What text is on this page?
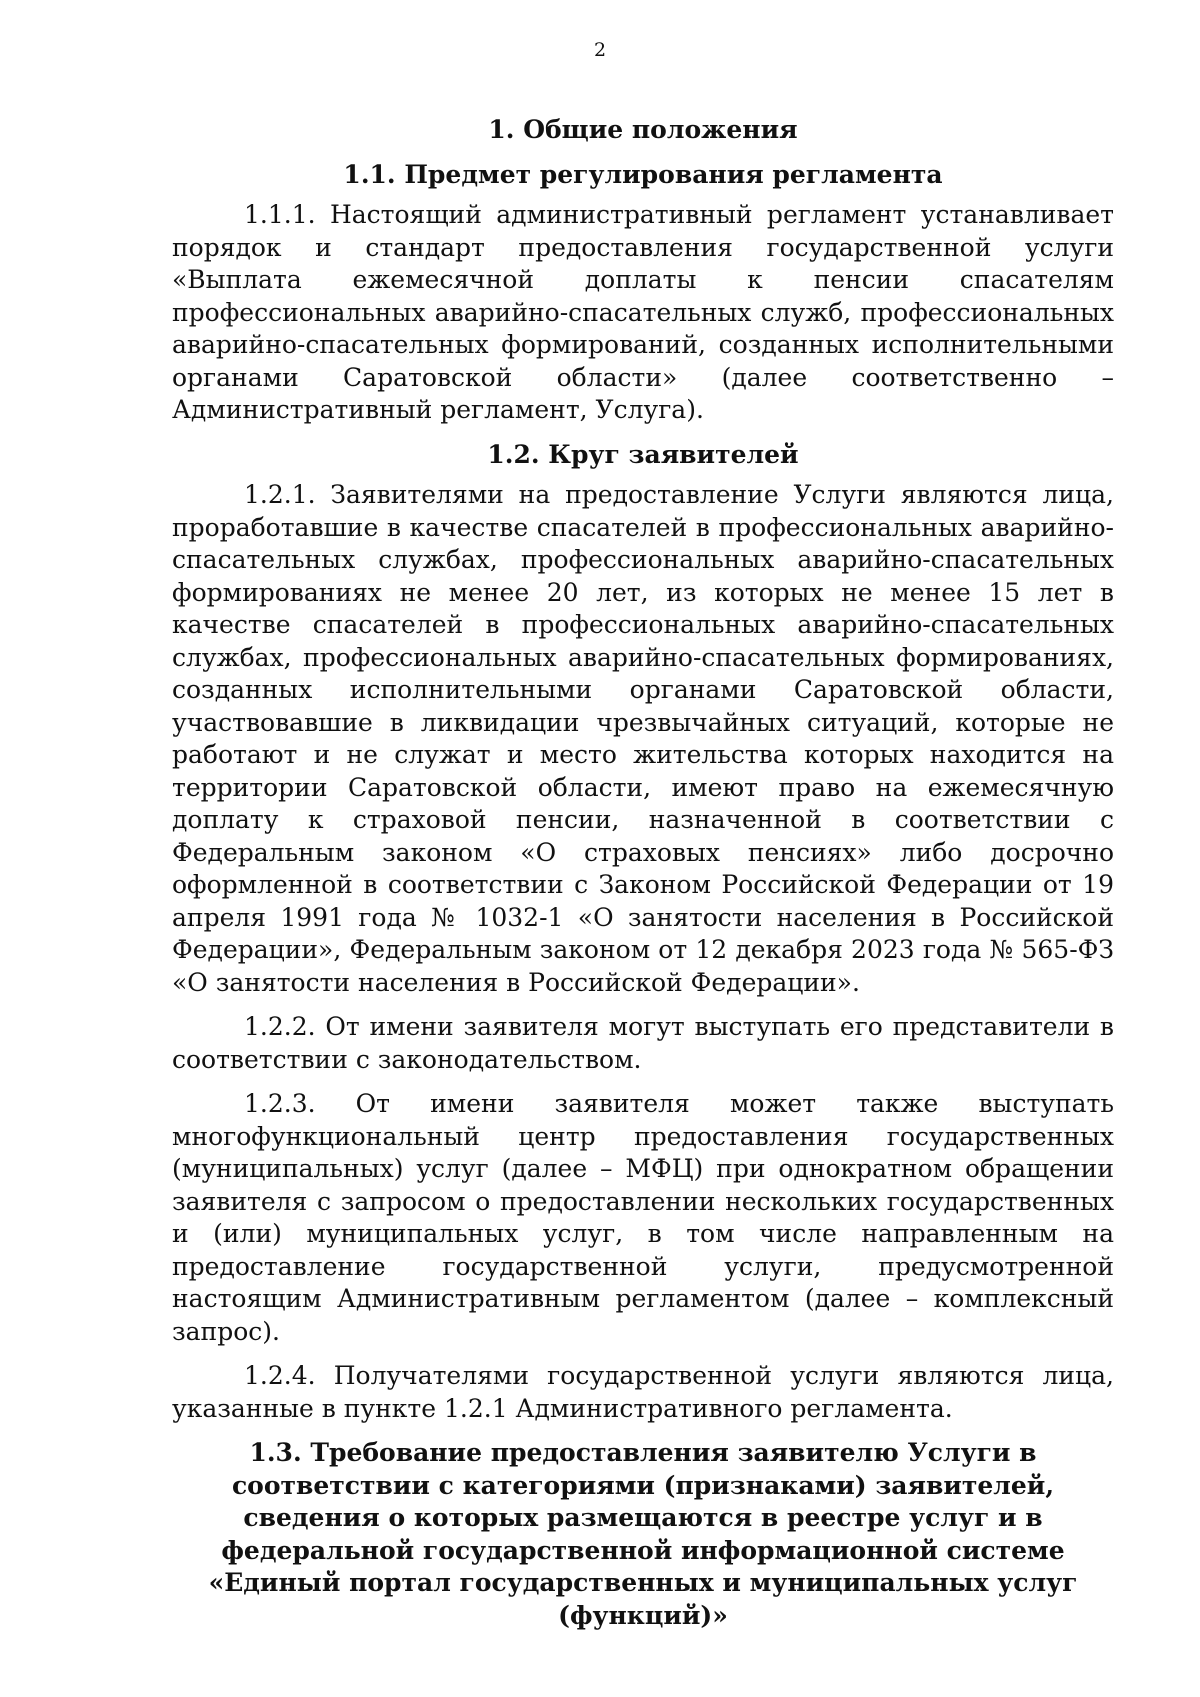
2
1. Общие положения
1.1. Предмет регулирования регламента

1.1.1. Настоящий административный регламент устанавливает порядок и стандарт предоставления государственной услуги «Выплата ежемесячной доплаты к пенсии спасателям профессиональных аварийно-спасательных служб, профессиональных аварийно-спасательных формирований, созданных исполнительными органами Саратовской области» (далее соответственно – Административный регламент, Услуга).

1.2. Круг заявителей

1.2.1. Заявителями на предоставление Услуги являются лица, проработавшие в качестве спасателей в профессиональных аварийно-спасательных службах, профессиональных аварийно-спасательных формированиях не менее 20 лет, из которых не менее 15 лет в качестве спасателей в профессиональных аварийно-спасательных службах, профессиональных аварийно-спасательных формированиях, созданных исполнительными органами Саратовской области, участвовавшие в ликвидации чрезвычайных ситуаций, которые не работают и не служат и место жительства которых находится на территории Саратовской области, имеют право на ежемесячную доплату к страховой пенсии, назначенной в соответствии с Федеральным законом «О страховых пенсиях» либо досрочно оформленной в соответствии с Законом Российской Федерации от 19 апреля 1991 года № 1032-1 «О занятости населения в Российской Федерации», Федеральным законом от 12 декабря 2023 года № 565-ФЗ «О занятости населения в Российской Федерации».

1.2.2. От имени заявителя могут выступать его представители в соответствии с законодательством.

1.2.3. От имени заявителя может также выступать многофункциональный центр предоставления государственных (муниципальных) услуг (далее – МФЦ) при однократном обращении заявителя с запросом о предоставлении нескольких государственных и (или) муниципальных услуг, в том числе направленным на предоставление государственной услуги, предусмотренной настоящим Административным регламентом (далее – комплексный запрос).

1.2.4. Получателями государственной услуги являются лица, указанные в пункте 1.2.1 Административного регламента.

1.3. Требование предоставления заявителю Услуги в соответствии с категориями (признаками) заявителей, сведения о которых размещаются в реестре услуг и в федеральной государственной информационной системе «Единый портал государственных и муниципальных услуг (функций)»
